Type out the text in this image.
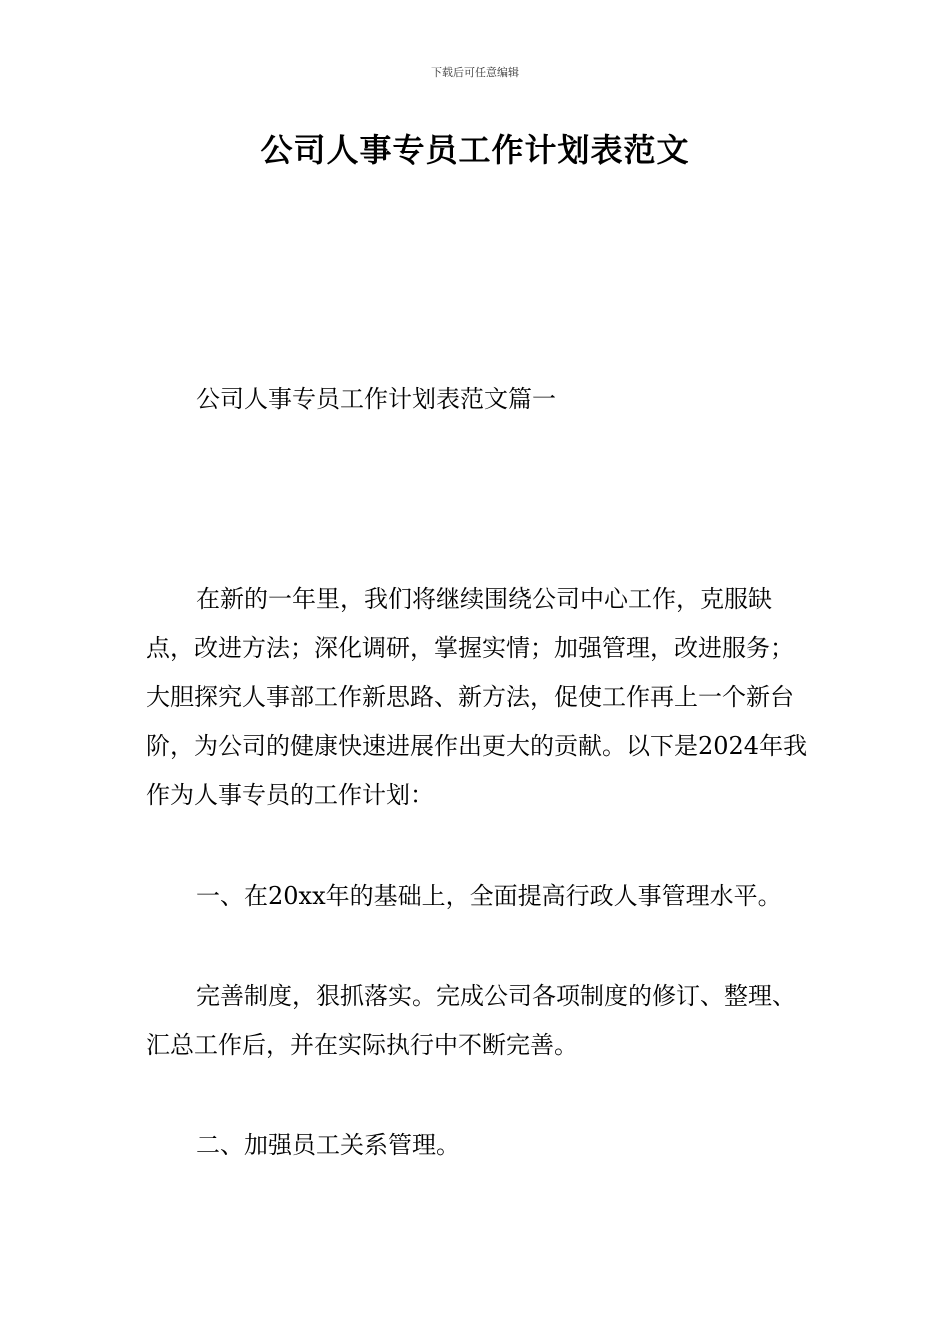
下载后可任意编辑
公司人事专员工作计划表范文

公司人事专员工作计划表范文篇一

在新的一年里，我们将继续围绕公司中心工作，克服缺点，改进方法；深化调研，掌握实情；加强管理，改进服务；大胆探究人事部工作新思路、新方法，促使工作再上一个新台阶，为公司的健康快速进展作出更大的贡献。以下是2024年我作为人事专员的工作计划：

一、在20xx年的基础上，全面提高行政人事管理水平。

完善制度，狠抓落实。完成公司各项制度的修订、整理、汇总工作后，并在实际执行中不断完善。

二、加强员工关系管理。
